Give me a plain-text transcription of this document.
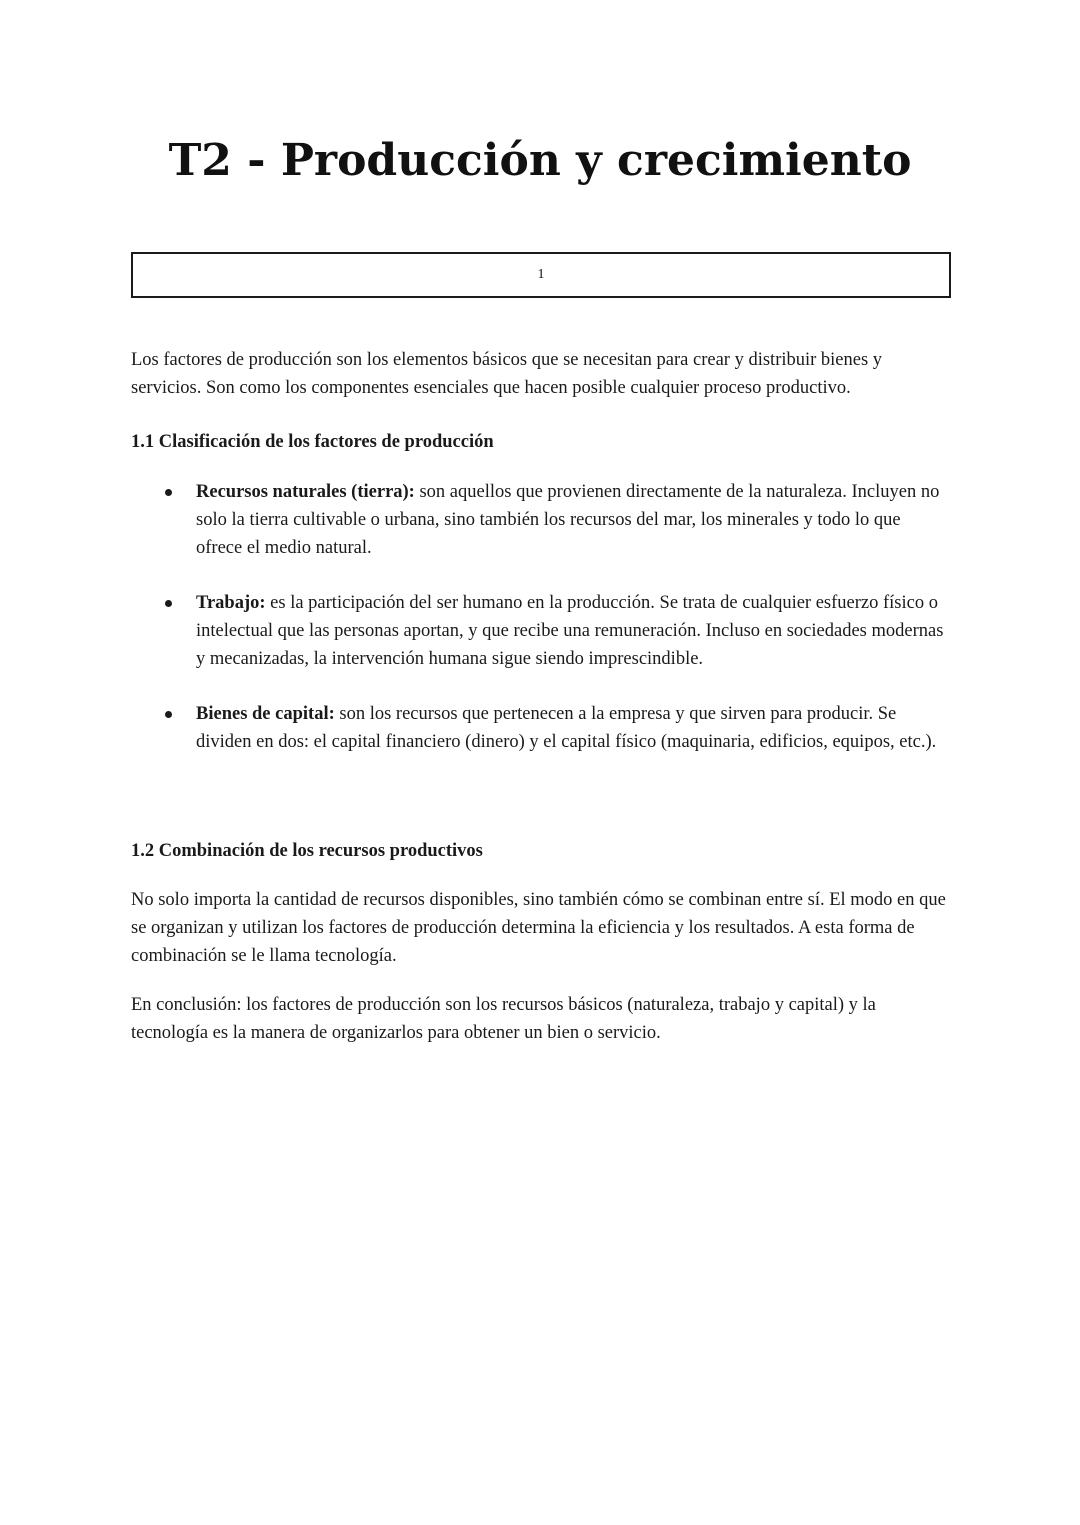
T2 - Producción y crecimiento
1

Los factores de producción son los elementos básicos que se necesitan para crear y distribuir bienes y servicios. Son como los componentes esenciales que hacen posible cualquier proceso productivo.

1.1 Clasificación de los factores de producción

Recursos naturales (tierra): son aquellos que provienen directamente de la naturaleza. Incluyen no solo la tierra cultivable o urbana, sino también los recursos del mar, los minerales y todo lo que ofrece el medio natural.

Trabajo: es la participación del ser humano en la producción. Se trata de cualquier esfuerzo físico o intelectual que las personas aportan, y que recibe una remuneración. Incluso en sociedades modernas y mecanizadas, la intervención humana sigue siendo imprescindible.

Bienes de capital: son los recursos que pertenecen a la empresa y que sirven para producir. Se dividen en dos: el capital financiero (dinero) y el capital físico (maquinaria, edificios, equipos, etc.).

1.2 Combinación de los recursos productivos

No solo importa la cantidad de recursos disponibles, sino también cómo se combinan entre sí. El modo en que se organizan y utilizan los factores de producción determina la eficiencia y los resultados. A esta forma de combinación se le llama tecnología.

En conclusión: los factores de producción son los recursos básicos (naturaleza, trabajo y capital) y la tecnología es la manera de organizarlos para obtener un bien o servicio.
